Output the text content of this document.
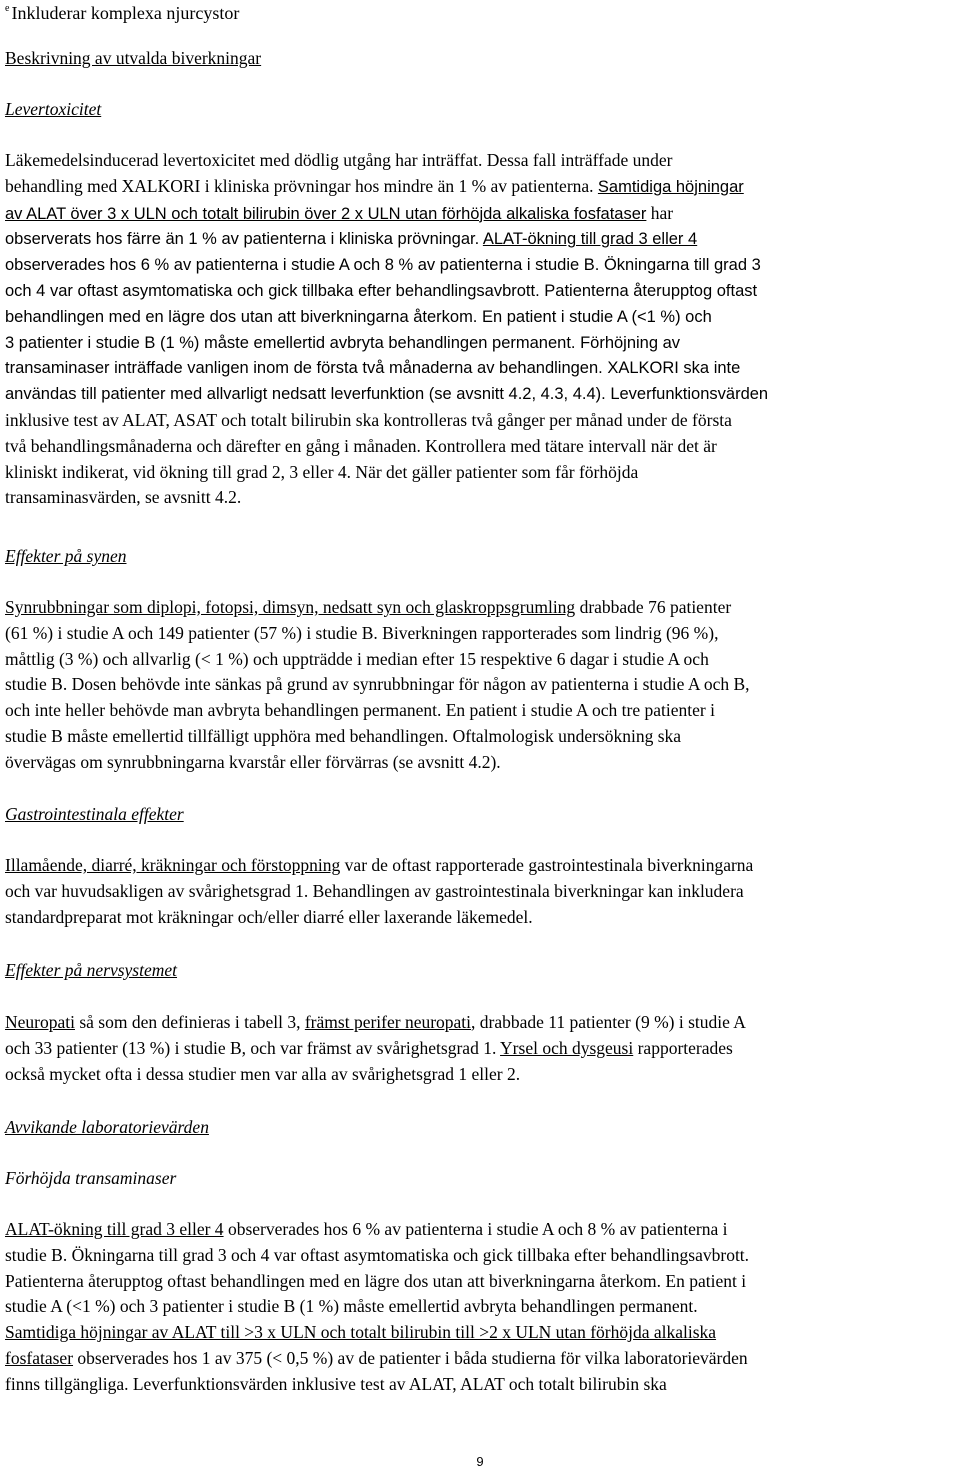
$^e$ Inkluderar komplexa njurcystor
Beskrivning av utvalda biverkningar
Levertoxicitet
Läkemedelsinducerad levertoxicitet med dödlig utgång har inträffat. Dessa fall inträffade under
behandling med XALKORI i kliniska prövningar hos mindre än 1 % av patienterna. Samtidiga höjningar
av ALAT över 3 x ULN och totalt bilirubin över 2 x ULN utan förhöjda alkaliska fosfataser har
observerats hos färre än 1 % av patienterna i kliniska prövningar. ALAT-ökning till grad 3 eller 4
observerades hos 6 % av patienterna i studie A och 8 % av patienterna i studie B. Ökningarna till grad 3
och 4 var oftast asymtomatiska och gick tillbaka efter behandlingsavbrott. Patienterna återupptog oftast
behandlingen med en lägre dos utan att biverkningarna återkom. En patient i studie A (<1 %) och
3 patienter i studie B (1 %) måste emellertid avbryta behandlingen permanent. Förhöjning av
transaminaser inträffade vanligen inom de första två månaderna av behandlingen. XALKORI ska inte
användas till patienter med allvarligt nedsatt leverfunktion (se avsnitt 4.2, 4.3, 4.4). Leverfunktionsvärden
inklusive test av ALAT, ASAT och totalt bilirubin ska kontrolleras två gånger per månad under de första
två behandlingsmånaderna och därefter en gång i månaden. Kontrollera med tätare intervall när det är
kliniskt indikerat, vid ökning till grad 2, 3 eller 4. När det gäller patienter som får förhöjda
transaminasvärden, se avsnitt 4.2.
Effekter på synen
Synrubbningar som diplopi, fotopsi, dimsyn, nedsatt syn och glaskroppsgrumling drabbade 76 patienter
(61 %) i studie A och 149 patienter (57 %) i studie B. Biverkningen rapporterades som lindrig (96 %),
måttlig (3 %) och allvarlig (< 1 %) och uppträdde i median efter 15 respektive 6 dagar i studie A och
studie B. Dosen behövde inte sänkas på grund av synrubbningar för någon av patienterna i studie A och B,
och inte heller behövde man avbryta behandlingen permanent. En patient i studie A och tre patienter i
studie B måste emellertid tillfälligt upphöra med behandlingen. Oftalmologisk undersökning ska
övervägas om synrubbningarna kvarstår eller förvärras (se avsnitt 4.2).
Gastrointestinala effekter
Illamående, diarré, kräkningar och förstoppning var de oftast rapporterade gastrointestinala biverkningarna
och var huvudsakligen av svårighetsgrad 1. Behandlingen av gastrointestinala biverkningar kan inkludera
standardpreparat mot kräkningar och/eller diarré eller laxerande läkemedel.
Effekter på nervsystemet
Neuropati så som den definieras i tabell 3, främst perifer neuropati, drabbade 11 patienter (9 %) i studie A
och 33 patienter (13 %) i studie B, och var främst av svårighetsgrad 1. Yrsel och dysgeusi rapporterades
också mycket ofta i dessa studier men var alla av svårighetsgrad 1 eller 2.
Avvikande laboratorievärden
Förhöjda transaminaser
ALAT-ökning till grad 3 eller 4 observerades hos 6 % av patienterna i studie A och 8 % av patienterna i
studie B. Ökningarna till grad 3 och 4 var oftast asymtomatiska och gick tillbaka efter behandlingsavbrott.
Patienterna återupptog oftast behandlingen med en lägre dos utan att biverkningarna återkom. En patient i
studie A (<1 %) och 3 patienter i studie B (1 %) måste emellertid avbryta behandlingen permanent.
Samtidiga höjningar av ALAT till >3 x ULN och totalt bilirubin till >2 x ULN utan förhöjda alkaliska
fosfataser observerades hos 1 av 375 (< 0,5 %) av de patienter i båda studierna för vilka laboratorievärden
finns tillgängliga. Leverfunktionsvärden inklusive test av ALAT, ALAT och totalt bilirubin ska
9
